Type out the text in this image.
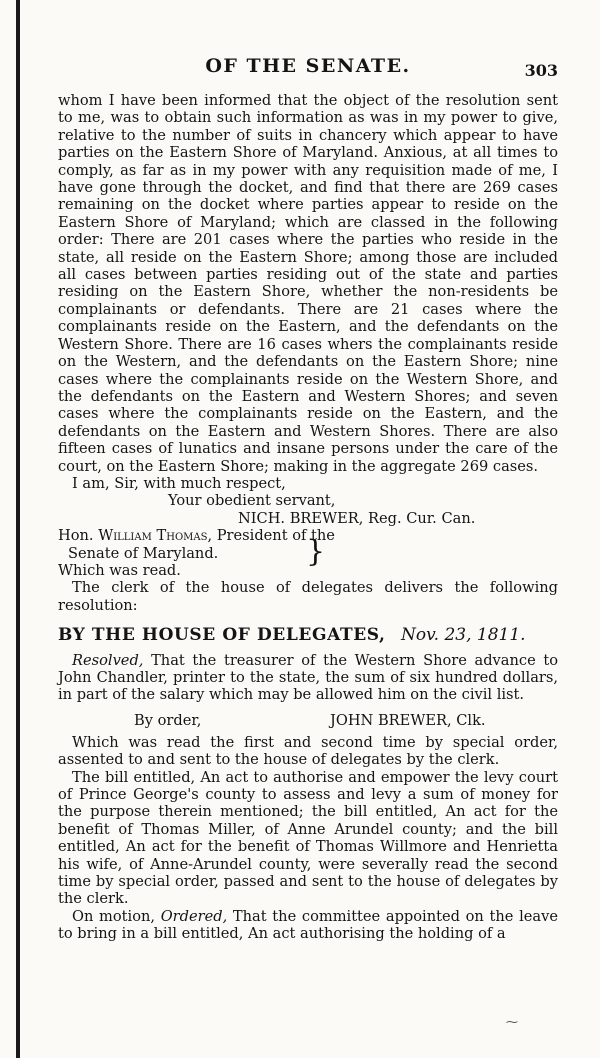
OF THE SENATE.	303

whom I have been informed that the object of the resolution sent to me, was to obtain such information as was in my power to give, relative to the number of suits in chancery which appear to have parties on the Eastern Shore of Maryland. Anxious, at all times to comply, as far as in my power with any requisition made of me, I have gone through the docket, and find that there are 269 cases remaining on the docket where parties appear to reside on the Eastern Shore of Maryland; which are classed in the following order: There are 201 cases where the parties who reside in the state, all reside on the Eastern Shore; among those are included all cases between parties residing out of the state and parties residing on the Eastern Shore, whether the non-residents be complainants or defendants. There are 21 cases where the complainants reside on the Eastern, and the defendants on the Western Shore. There are 16 cases whers the complainants reside on the Western, and the defendants on the Eastern Shore; nine cases where the complainants reside on the Western Shore, and the defendants on the Eastern and Western Shores; and seven cases where the complainants reside on the Eastern, and the defendants on the Eastern and Western Shores. There are also fifteen cases of lunatics and insane persons under the care of the court, on the Eastern Shore; making in the aggregate 269 cases.

I am, Sir, with much respect,

Your obedient servant,

NICH. BREWER, Reg. Cur. Can.

Hon. William Thomas, President of the

Senate of Maryland.	}

Which was read.

The clerk of the house of delegates delivers the following resolution:

BY THE HOUSE OF DELEGATES, Nov. 23, 1811.

Resolved, That the treasurer of the Western Shore advance to John Chandler, printer to the state, the sum of six hundred dollars, in part of the salary which may be allowed him on the civil list.

By order,	JOHN BREWER, Clk.

Which was read the first and second time by special order, assented to and sent to the house of delegates by the clerk.

The bill entitled, An act to authorise and empower the levy court of Prince George's county to assess and levy a sum of money for the purpose therein mentioned; the bill entitled, An act for the benefit of Thomas Miller, of Anne Arundel county; and the bill entitled, An act for the benefit of Thomas Willmore and Henrietta his wife, of Anne-Arundel county, were severally read the second time by special order, passed and sent to the house of delegates by the clerk.

On motion, Ordered, That the committee appointed on the leave to bring in a bill entitled, An act authorising the holding of a

⁓
